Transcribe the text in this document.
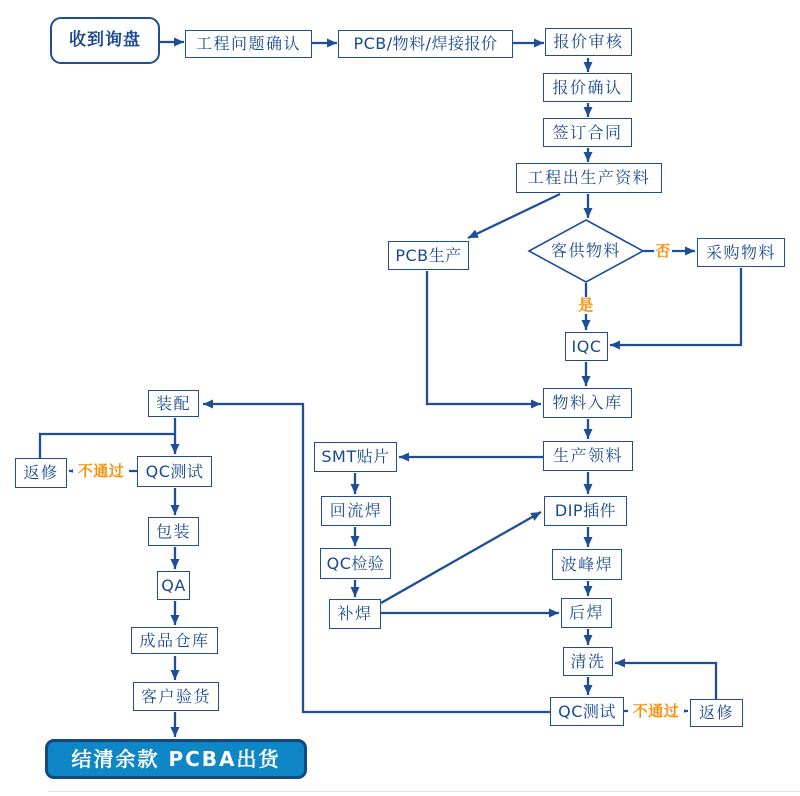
收到询盘	工程问题确认	PCB/物料/焊接报价	报价审核
报价确认
签订合同
工程出生产资料
PCB生产	客供物料	采购物料
IQC
物料入库
生产领料
SMT贴片
回流焊
QC检验
补焊
DIP插件
波峰焊
后焊
清洗
QC测试	返修
装配
QC测试
返修
包装
QA
成品仓库
客户验货
结清余款 PCBA出货
否
是
不通过
不通过
